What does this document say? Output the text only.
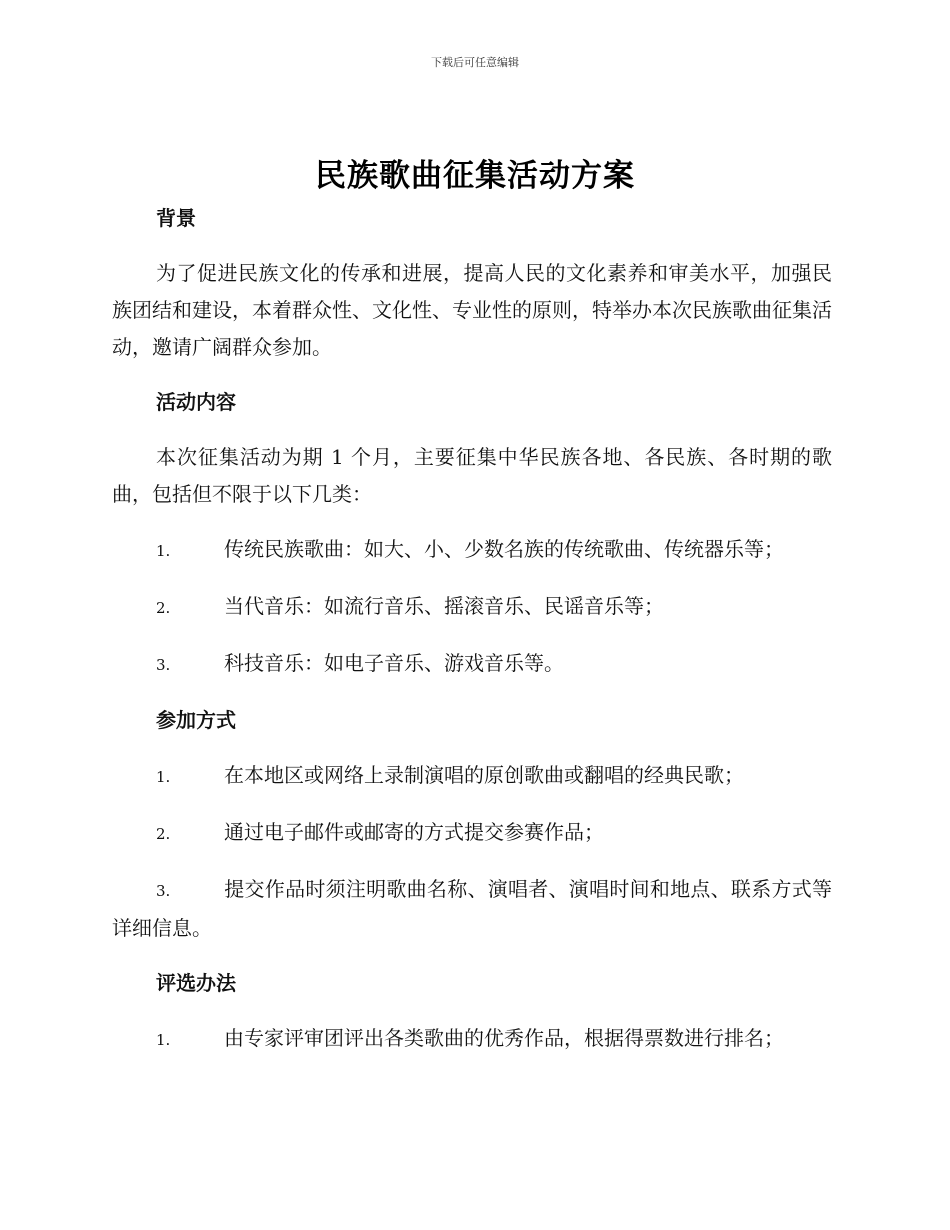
下载后可任意编辑
民族歌曲征集活动方案

背景

为了促进民族文化的传承和进展，提高人民的文化素养和审美水平，加强民族团结和建设，本着群众性、文化性、专业性的原则，特举办本次民族歌曲征集活动，邀请广阔群众参加。

活动内容

本次征集活动为期 1 个月，主要征集中华民族各地、各民族、各时期的歌曲，包括但不限于以下几类：

1.	传统民族歌曲：如大、小、少数名族的传统歌曲、传统器乐等；

2.	当代音乐：如流行音乐、摇滚音乐、民谣音乐等；

3.	科技音乐：如电子音乐、游戏音乐等。

参加方式

1.	在本地区或网络上录制演唱的原创歌曲或翻唱的经典民歌；

2.	通过电子邮件或邮寄的方式提交参赛作品；

3.	提交作品时须注明歌曲名称、演唱者、演唱时间和地点、联系方式等详细信息。

评选办法

1.	由专家评审团评出各类歌曲的优秀作品，根据得票数进行排名；
